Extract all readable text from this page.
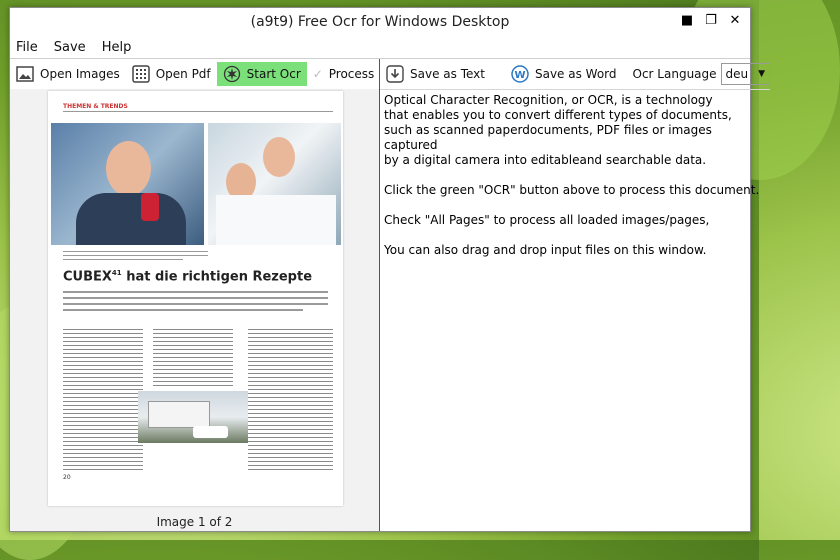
(a9t9) Free Ocr for Windows Desktop	■ ❐ ✕
File Save Help
Open Images	Open Pdf	Start Ocr ✓ Process
THEMEN & TRENDS
CUBEX$^{41}$ hat die richtigen Rezepte
20
Image 1 of 2
Save as Text	W Save as Word Ocr Language deu ▼

Optical Character Recognition, or OCR, is a technology
that enables you to convert different types of documents,
such as scanned paperdocuments, PDF files or images captured
by a digital camera into editableand searchable data.

Click the green "OCR" button above to process this document.

Check "All Pages" to process all loaded images/pages,

You can also drag and drop input files on this window.
